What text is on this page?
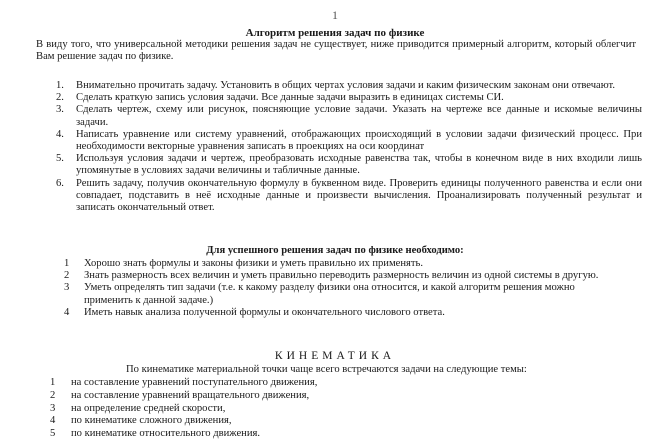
1
Алгоритм решения задач по физике
В виду того, что универсальной методики решения задач не существует, ниже приводится примерный алгоритм, который облегчит Вам решение задач по физике.
1.	Внимательно прочитать задачу. Установить в общих чертах условия задачи и каким физическим законам они отвечают.
2.	Сделать краткую запись условия задачи. Все данные задачи выразить в единицах системы СИ.
3.	Сделать чертеж, схему или рисунок, поясняющие условие задачи. Указать на чертеже все данные и искомые величины задачи.
4.	Написать уравнение или систему уравнений, отображающих происходящий в условии задачи физический процесс. При необходимости векторные уравнения записать в проекциях на оси координат
5.	Используя условия задачи и чертеж, преобразовать исходные равенства так, чтобы в конечном виде в них входили лишь упомянутые в условиях задачи величины и табличные данные.
6.	Решить задачу, получив окончательную формулу в буквенном виде. Проверить единицы полученного равенства и если они совпадает, подставить в неё исходные данные и произвести вычисления. Проанализировать полученный результат и записать окончательный ответ.
Для успешного решения задач по физике необходимо:
1	Хорошо знать формулы и законы физики и уметь правильно их применять.
2	Знать размерность всех величин и уметь правильно переводить размерность величин из одной системы в другую.
3	Уметь определять тип задачи (т.е. к какому разделу физики она относится, и какой алгоритм решения можно применить к данной задаче.)
4	Иметь навык анализа полученной формулы и окончательного числового ответа.
КИНЕМАТИКА
По кинематике материальной точки чаще всего встречаются задачи на следующие темы:
1	на составление уравнений поступательного движения,
2	на составление уравнений вращательного движения,
3	на определение средней скорости,
4	по кинематике сложного движения,
5	по кинематике относительного движения.
